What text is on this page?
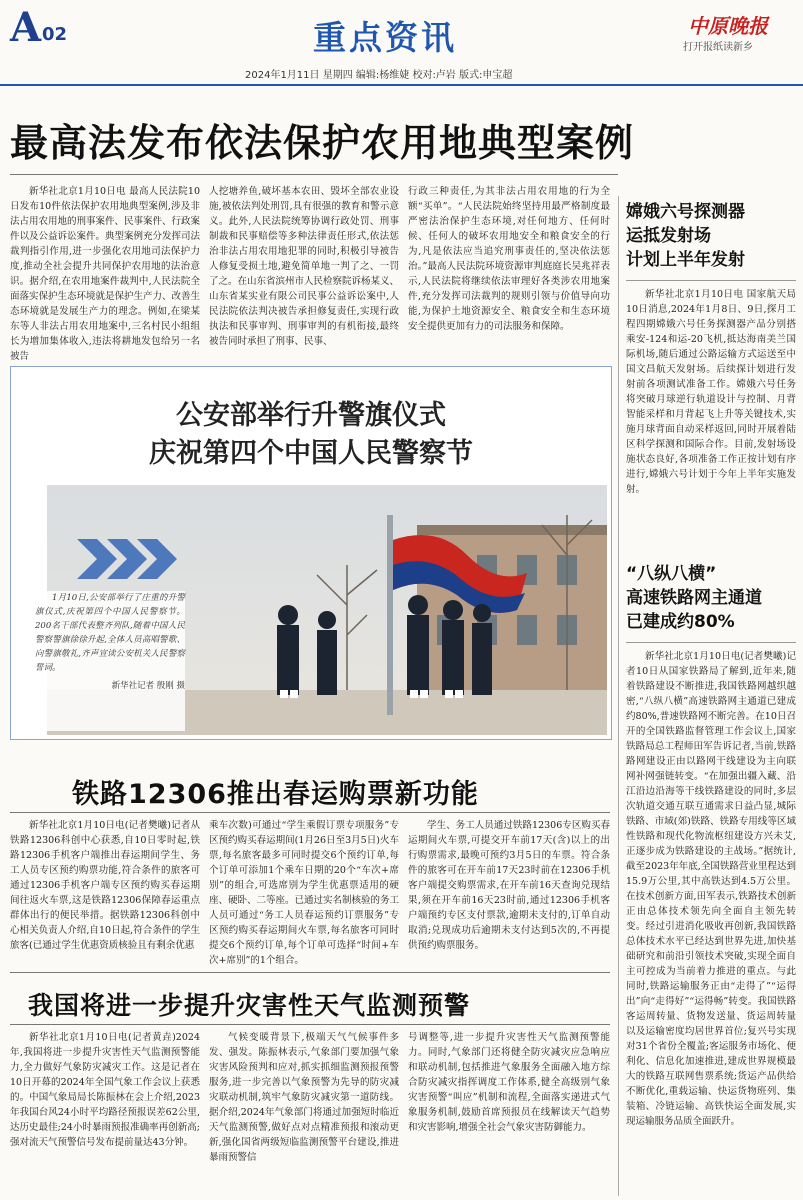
A 02	重点资讯	中原晚报
打开报纸读新乡
2024年1月11日 星期四 编辑:杨维婕 校对:卢岩 版式:申宝超
最高法发布依法保护农用地典型案例

新华社北京1月10日电 最高人民法院10日发布10件依法保护农用地典型案例,涉及非法占用农用地的刑事案件、民事案件、行政案件以及公益诉讼案件。典型案例充分发挥司法裁判指引作用,进一步强化农用地司法保护力度,推动全社会提升共同保护农用地的法治意识。据介绍,在农用地案件裁判中,人民法院全面落实保护生态环境就是保护生产力、改善生态环境就是发展生产力的理念。例如,在梁某东等人非法占用农用地案中,三名村民小组组长为增加集体收入,违法将耕地发包给另一名被告

人挖塘养鱼,破坏基本农田、毁坏全部农业设施,被依法判处刑罚,具有很强的教育和警示意义。此外,人民法院统筹协调行政处罚、刑事制裁和民事赔偿等多种法律责任形式,依法惩治非法占用农用地犯罪的同时,积极引导被告人修复受损土地,避免简单地一判了之、一罚了之。在山东省滨州市人民检察院诉杨某义、山东省某实业有限公司民事公益诉讼案中,人民法院依法判决被告承担修复责任,实现行政执法和民事审判、刑事审判的有机衔接,最终被告同时承担了刑事、民事、

行政三种责任,为其非法占用农用地的行为全额“买单”。“人民法院始终坚持用最严格制度最严密法治保护生态环境,对任何地方、任何时候、任何人的破坏农用地安全和粮食安全的行为,凡是依法应当追究刑事责任的,坚决依法惩治。”最高人民法院环境资源审判庭庭长吴兆祥表示,人民法院将继续依法审理好各类涉农用地案件,充分发挥司法裁判的规则引领与价值导向功能,为保护土地资源安全、粮食安全和生态环境安全提供更加有力的司法服务和保障。

公安部举行升警旗仪式
庆祝第四个中国人民警察节

1月10日,公安部举行了庄重的升警旗仪式,庆祝第四个中国人民警察节。200名干部代表整齐列队,随着中国人民警察警旗徐徐升起,全体人员高唱警歌、向警旗敬礼,齐声宣读公安机关人民警察誓词。

新华社记者 殷刚 摄

铁路12306推出春运购票新功能

新华社北京1月10日电(记者樊曦)记者从铁路12306科创中心获悉,自10日零时起,铁路12306手机客户端推出春运期间学生、务工人员专区预约购票功能,符合条件的旅客可通过12306手机客户端专区预约购买春运期间往返火车票,这是铁路12306保障春运重点群体出行的便民举措。据铁路12306科创中心相关负责人介绍,自10日起,符合条件的学生旅客(已通过学生优惠资质核验且有剩余优惠

乘车次数)可通过“学生乘假订票专项服务”专区预约购买春运期间(1月26日至3月5日)火车票,每名旅客最多可同时提交6个预约订单,每个订单可添加1个乘车日期的20个“车次+席别”的组合,可选席别为学生优惠票适用的硬座、硬卧、二等座。已通过实名制核验的务工人员可通过“务工人员春运预约订票服务”专区预约购买春运期间火车票,每名旅客可同时提交6个预约订单,每个订单可选择“时间+车次+席别”的1个组合。

学生、务工人员通过铁路12306专区购买春运期间火车票,可提交开车前17天(含)以上的出行购票需求,最晚可预约3月5日的车票。符合条件的旅客可在开车前17天23时前在12306手机客户端提交购票需求,在开车前16天查询兑现结果,须在开车前16天23时前,通过12306手机客户端预约专区支付票款,逾期未支付的,订单自动取消;兑现成功后逾期未支付达到5次的,不再提供预约购票服务。

我国将进一步提升灾害性天气监测预警

新华社北京1月10日电(记者黄垚)2024年,我国将进一步提升灾害性天气监测预警能力,全力做好气象防灾减灾工作。这是记者在10日开幕的2024年全国气象工作会议上获悉的。中国气象局局长陈振林在会上介绍,2023年我国台风24小时平均路径预报误差62公里,达历史最佳;24小时暴雨预报准确率再创新高;强对流天气预警信号发布提前量达43分钟。

气候变暖背景下,极端天气气候事件多发、强发。陈振林表示,气象部门要加强气象灾害风险预判和应对,抓实抓细监测预报预警服务,进一步完善以气象预警为先导的防灾减灾联动机制,筑牢气象防灾减灾第一道防线。据介绍,2024年气象部门将通过加强短时临近天气监测预警,做好点对点精准预报和滚动更新,强化国省两级短临监测预警平台建设,推进暴雨预警信

号调整等,进一步提升灾害性天气监测预警能力。同时,气象部门还将健全防灾减灾应急响应和联动机制,包括推进气象服务全面融入地方综合防灾减灾指挥调度工作体系,健全高级别气象灾害预警“叫应”机制和流程,全面落实递进式气象服务机制,鼓励首席预报员在线解读天气趋势和灾害影响,增强全社会气象灾害防御能力。

嫦娥六号探测器
运抵发射场
计划上半年发射

新华社北京1月10日电 国家航天局10日消息,2024年1月8日、9日,探月工程四期嫦娥六号任务探测器产品分别搭乘安-124和运-20飞机,抵达海南美兰国际机场,随后通过公路运输方式运送至中国文昌航天发射场。后续探计划进行发射前各项测试准备工作。嫦娥六号任务将突破月球逆行轨道设计与控制、月背智能采样和月背起飞上升等关键技术,实施月球背面自动采样返回,同时开展着陆区科学探测和国际合作。目前,发射场设施状态良好,各项准备工作正按计划有序进行,嫦娥六号计划于今年上半年实施发射。

“八纵八横”
高速铁路网主通道
已建成约80%

新华社北京1月10日电(记者樊曦)记者10日从国家铁路局了解到,近年来,随着铁路建设不断推进,我国铁路网越织越密,“八纵八横”高速铁路网主通道已建成约80%,普速铁路网不断完善。在10日召开的全国铁路监督管理工作会议上,国家铁路局总工程师田军告诉记者,当前,铁路路网建设正由以路网干线建设为主向联网补网强链转变。“在加强出疆入藏、沿江沿边沿海等干线铁路建设的同时,多层次轨道交通互联互通需求日益凸显,城际铁路、市域(郊)铁路、铁路专用线等区域性铁路和现代化物流枢纽建设方兴未艾,正逐步成为铁路建设的主战场。”据统计,截至2023年年底,全国铁路营业里程达到15.9万公里,其中高铁达到4.5万公里。在技术创新方面,田军表示,铁路技术创新正由总体技术领先向全面自主领先转变。经过引进消化吸收再创新,我国铁路总体技术水平已经达到世界先进,加快基础研究和前沿引领技术突破,实现全面自主可控成为当前着力推进的重点。与此同时,铁路运输服务正由“走得了”“运得出”向“走得好”“运得畅”转变。我国铁路客运周转量、货物发送量、货运周转量以及运输密度均居世界首位;复兴号实现对31个省份全覆盖;客运服务市场化、便利化、信息化加速推进,建成世界规模最大的铁路互联网售票系统;货运产品供给不断优化,重载运输、快运货物班列、集装箱、冷链运输、高铁快运全面发展,实现运输服务品质全面跃升。
